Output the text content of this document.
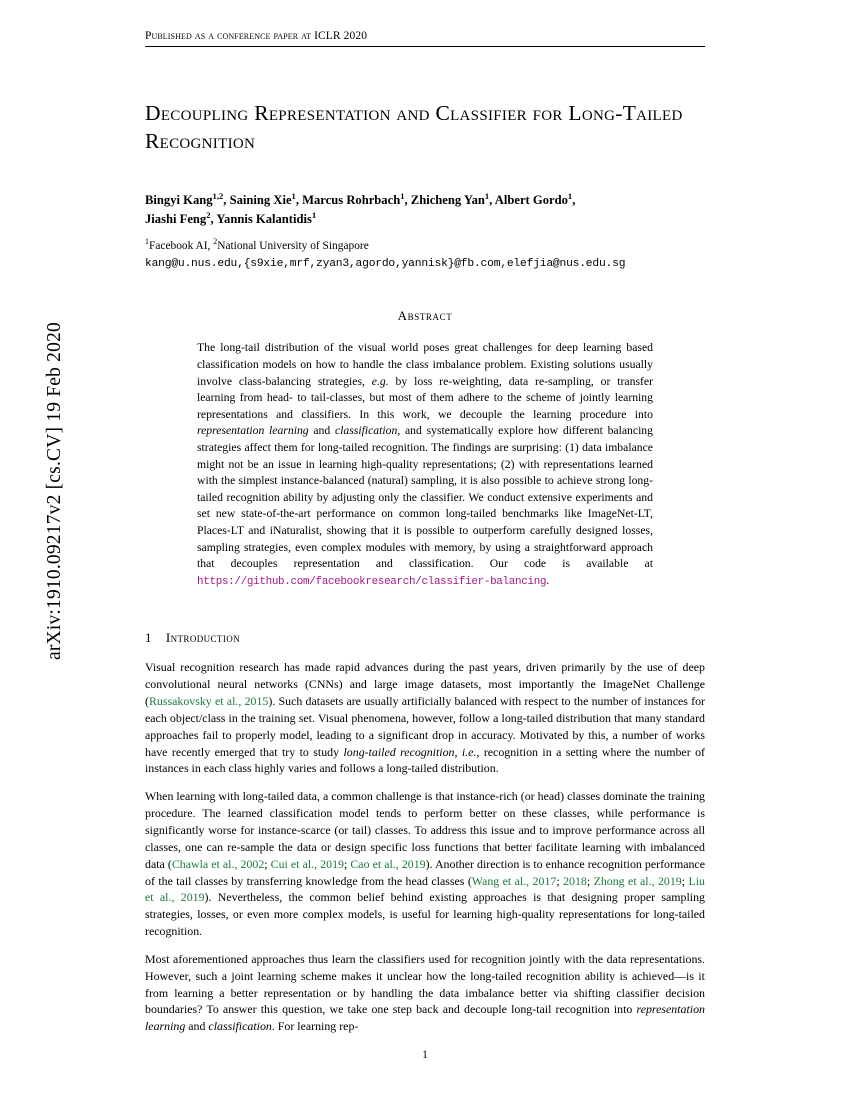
arXiv:1910.09217v2 [cs.CV] 19 Feb 2020
Published as a conference paper at ICLR 2020
Decoupling Representation and Classifier for Long-Tailed Recognition
Bingyi Kang$^{1,2}$, Saining Xie$^1$, Marcus Rohrbach$^1$, Zhicheng Yan$^1$, Albert Gordo$^1$,
Jiashi Feng$^2$, Yannis Kalantidis$^1$
$^1$Facebook AI, $^2$National University of Singapore
kang@u.nus.edu,{s9xie,mrf,zyan3,agordo,yannisk}@fb.com,elefjia@nus.edu.sg
Abstract
The long-tail distribution of the visual world poses great challenges for deep learning based classification models on how to handle the class imbalance problem. Existing solutions usually involve class-balancing strategies, e.g. by loss re-weighting, data re-sampling, or transfer learning from head- to tail-classes, but most of them adhere to the scheme of jointly learning representations and classifiers. In this work, we decouple the learning procedure into representation learning and classification, and systematically explore how different balancing strategies affect them for long-tailed recognition. The findings are surprising: (1) data imbalance might not be an issue in learning high-quality representations; (2) with representations learned with the simplest instance-balanced (natural) sampling, it is also possible to achieve strong long-tailed recognition ability by adjusting only the classifier. We conduct extensive experiments and set new state-of-the-art performance on common long-tailed benchmarks like ImageNet-LT, Places-LT and iNaturalist, showing that it is possible to outperform carefully designed losses, sampling strategies, even complex modules with memory, by using a straightforward approach that decouples representation and classification. Our code is available at https://github.com/facebookresearch/classifier-balancing.
1 Introduction

Visual recognition research has made rapid advances during the past years, driven primarily by the use of deep convolutional neural networks (CNNs) and large image datasets, most importantly the ImageNet Challenge (Russakovsky et al., 2015). Such datasets are usually artificially balanced with respect to the number of instances for each object/class in the training set. Visual phenomena, however, follow a long-tailed distribution that many standard approaches fail to properly model, leading to a significant drop in accuracy. Motivated by this, a number of works have recently emerged that try to study long-tailed recognition, i.e., recognition in a setting where the number of instances in each class highly varies and follows a long-tailed distribution.

When learning with long-tailed data, a common challenge is that instance-rich (or head) classes dominate the training procedure. The learned classification model tends to perform better on these classes, while performance is significantly worse for instance-scarce (or tail) classes. To address this issue and to improve performance across all classes, one can re-sample the data or design specific loss functions that better facilitate learning with imbalanced data (Chawla et al., 2002; Cui et al., 2019; Cao et al., 2019). Another direction is to enhance recognition performance of the tail classes by transferring knowledge from the head classes (Wang et al., 2017; 2018; Zhong et al., 2019; Liu et al., 2019). Nevertheless, the common belief behind existing approaches is that designing proper sampling strategies, losses, or even more complex models, is useful for learning high-quality representations for long-tailed recognition.

Most aforementioned approaches thus learn the classifiers used for recognition jointly with the data representations. However, such a joint learning scheme makes it unclear how the long-tailed recognition ability is achieved—is it from learning a better representation or by handling the data imbalance better via shifting classifier decision boundaries? To answer this question, we take one step back and decouple long-tail recognition into representation learning and classification. For learning rep-

1
